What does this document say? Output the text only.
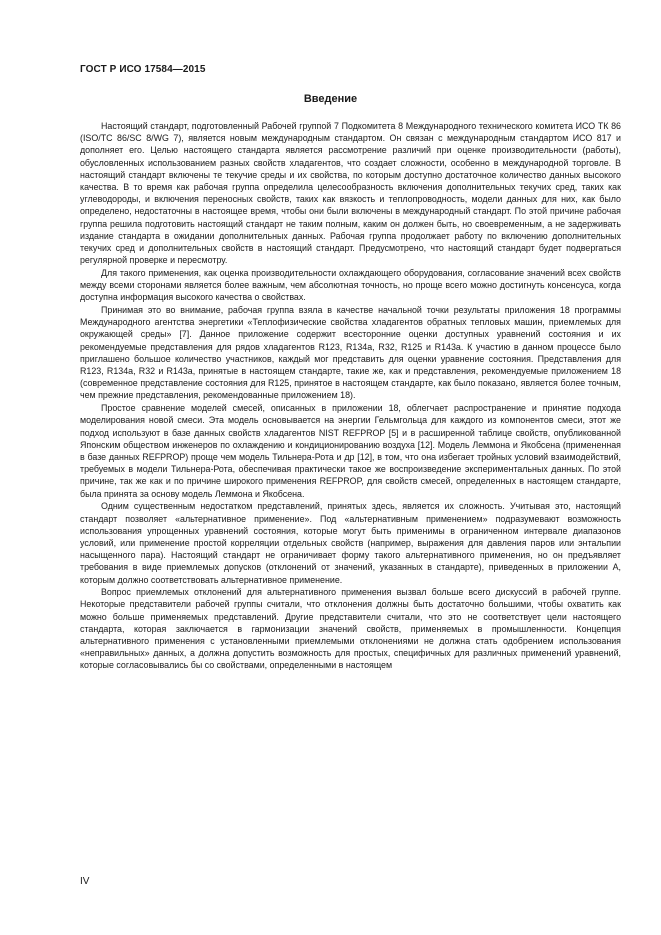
ГОСТ Р ИСО 17584—2015
Введение

Настоящий стандарт, подготовленный Рабочей группой 7 Подкомитета 8 Международного технического комитета ИСО ТК 86 (ISO/TC 86/SC 8/WG 7), является новым международным стандартом. Он связан с международным стандартом ИСО 817 и дополняет его. Целью настоящего стандарта является рассмотрение различий при оценке производительности (работы), обусловленных использованием разных свойств хладагентов, что создает сложности, особенно в международной торговле. В настоящий стандарт включены те текучие среды и их свойства, по которым доступно достаточное количество данных высокого качества. В то время как рабочая группа определила целесообразность включения дополнительных текучих сред, таких как углеводороды, и включения переносных свойств, таких как вязкость и теплопроводность, модели данных для них, как было определено, недостаточны в настоящее время, чтобы они были включены в международный стандарт. По этой причине рабочая группа решила подготовить настоящий стандарт не таким полным, каким он должен быть, но своевременным, а не задерживать издание стандарта в ожидании дополнительных данных. Рабочая группа продолжает работу по включению дополнительных текучих сред и дополнительных свойств в настоящий стандарт. Предусмотрено, что настоящий стандарт будет подвергаться регулярной проверке и пересмотру.

Для такого применения, как оценка производительности охлаждающего оборудования, согласование значений всех свойств между всеми сторонами является более важным, чем абсолютная точность, но проще всего можно достигнуть консенсуса, когда доступна информация высокого качества о свойствах.

Принимая это во внимание, рабочая группа взяла в качестве начальной точки результаты приложения 18 программы Международного агентства энергетики «Теплофизические свойства хладагентов обратных тепловых машин, приемлемых для окружающей среды» [7]. Данное приложение содержит всесторонние оценки доступных уравнений состояния и их рекомендуемые представления для рядов хладагентов R123, R134a, R32, R125 и R143a. К участию в данном процессе было приглашено большое количество участников, каждый мог представить для оценки уравнение состояния. Представления для R123, R134a, R32 и R143a, принятые в настоящем стандарте, такие же, как и представления, рекомендуемые приложением 18 (современное представление состояния для R125, принятое в настоящем стандарте, как было показано, является более точным, чем прежние представления, рекомендованные приложением 18).

Простое сравнение моделей смесей, описанных в приложении 18, облегчает распространение и принятие подхода моделирования новой смеси. Эта модель основывается на энергии Гельмгольца для каждого из компонентов смеси, этот же подход используют в базе данных свойств хладагентов NIST REFPROP [5] и в расширенной таблице свойств, опубликованной Японским обществом инженеров по охлаждению и кондиционированию воздуха [12]. Модель Леммона и Якобсена (примененная в базе данных REFPROP) проще чем модель Тильнера-Рота и др [12], в том, что она избегает тройных условий взаимодействий, требуемых в модели Тильнера-Рота, обеспечивая практически такое же воспроизведение экспериментальных данных. По этой причине, так же как и по причине широкого применения REFPROP, для свойств смесей, определенных в настоящем стандарте, была принята за основу модель Леммона и Якобсена.

Одним существенным недостатком представлений, принятых здесь, является их сложность. Учитывая это, настоящий стандарт позволяет «альтернативное применение». Под «альтернативным применением» подразумевают возможность использования упрощенных уравнений состояния, которые могут быть применимы в ограниченном интервале диапазонов условий, или применение простой корреляции отдельных свойств (например, выражения для давления паров или энтальпии насыщенного пара). Настоящий стандарт не ограничивает форму такого альтернативного применения, но он предъявляет требования в виде приемлемых допусков (отклонений от значений, указанных в стандарте), приведенных в приложении А, которым должно соответствовать альтернативное применение.

Вопрос приемлемых отклонений для альтернативного применения вызвал больше всего дискуссий в рабочей группе. Некоторые представители рабочей группы считали, что отклонения должны быть достаточно большими, чтобы охватить как можно больше применяемых представлений. Другие представители считали, что это не соответствует цели настоящего стандарта, которая заключается в гармонизации значений свойств, применяемых в промышленности. Концепция альтернативного применения с установленными приемлемыми отклонениями не должна стать одобрением использования «неправильных» данных, а должна допустить возможность для простых, специфичных для различных применений уравнений, которые согласовывались бы со свойствами, определенными в настоящем

IV
